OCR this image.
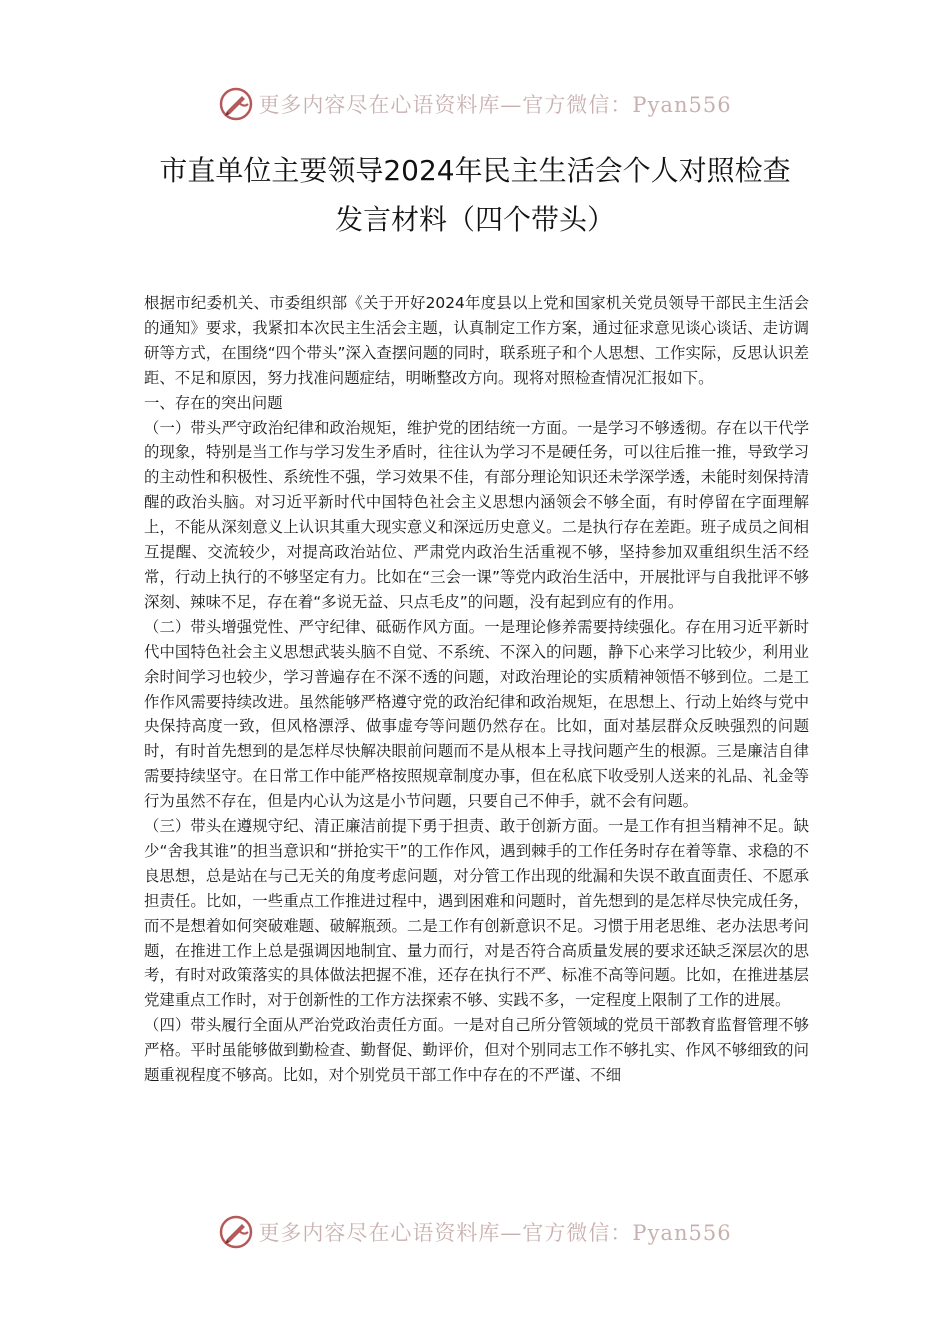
更多内容尽在心语资料库—官方微信：Pyan556
市直单位主要领导2024年民主生活会个人对照检查
发言材料（四个带头）

根据市纪委机关、市委组织部《关于开好2024年度县以上党和国家机关党员领导干部民主生活会的通知》要求，我紧扣本次民主生活会主题，认真制定工作方案，通过征求意见谈心谈话、走访调研等方式，在围绕“四个带头”深入查摆问题的同时，联系班子和个人思想、工作实际，反思认识差距、不足和原因，努力找准问题症结，明晰整改方向。现将对照检查情况汇报如下。

一、存在的突出问题

（一）带头严守政治纪律和政治规矩，维护党的团结统一方面。一是学习不够透彻。存在以干代学的现象，特别是当工作与学习发生矛盾时，往往认为学习不是硬任务，可以往后推一推，导致学习的主动性和积极性、系统性不强，学习效果不佳，有部分理论知识还未学深学透，未能时刻保持清醒的政治头脑。对习近平新时代中国特色社会主义思想内涵领会不够全面，有时停留在字面理解上，不能从深刻意义上认识其重大现实意义和深远历史意义。二是执行存在差距。班子成员之间相互提醒、交流较少，对提高政治站位、严肃党内政治生活重视不够，坚持参加双重组织生活不经常，行动上执行的不够坚定有力。比如在“三会一课”等党内政治生活中，开展批评与自我批评不够深刻、辣味不足，存在着“多说无益、只点毛皮”的问题，没有起到应有的作用。

（二）带头增强党性、严守纪律、砥砺作风方面。一是理论修养需要持续强化。存在用习近平新时代中国特色社会主义思想武装头脑不自觉、不系统、不深入的问题，静下心来学习比较少，利用业余时间学习也较少，学习普遍存在不深不透的问题，对政治理论的实质精神领悟不够到位。二是工作作风需要持续改进。虽然能够严格遵守党的政治纪律和政治规矩，在思想上、行动上始终与党中央保持高度一致，但风格漂浮、做事虚夸等问题仍然存在。比如，面对基层群众反映强烈的问题时，有时首先想到的是怎样尽快解决眼前问题而不是从根本上寻找问题产生的根源。三是廉洁自律需要持续坚守。在日常工作中能严格按照规章制度办事，但在私底下收受别人送来的礼品、礼金等行为虽然不存在，但是内心认为这是小节问题，只要自己不伸手，就不会有问题。

（三）带头在遵规守纪、清正廉洁前提下勇于担责、敢于创新方面。一是工作有担当精神不足。缺少“舍我其谁”的担当意识和“拼抢实干”的工作作风，遇到棘手的工作任务时存在着等靠、求稳的不良思想，总是站在与己无关的角度考虑问题，对分管工作出现的纰漏和失误不敢直面责任、不愿承担责任。比如，一些重点工作推进过程中，遇到困难和问题时，首先想到的是怎样尽快完成任务，而不是想着如何突破难题、破解瓶颈。二是工作有创新意识不足。习惯于用老思维、老办法思考问题，在推进工作上总是强调因地制宜、量力而行，对是否符合高质量发展的要求还缺乏深层次的思考，有时对政策落实的具体做法把握不准，还存在执行不严、标准不高等问题。比如，在推进基层党建重点工作时，对于创新性的工作方法探索不够、实践不多，一定程度上限制了工作的进展。

（四）带头履行全面从严治党政治责任方面。一是对自己所分管领域的党员干部教育监督管理不够严格。平时虽能够做到勤检查、勤督促、勤评价，但对个别同志工作不够扎实、作风不够细致的问题重视程度不够高。比如，对个别党员干部工作中存在的不严谨、不细

更多内容尽在心语资料库—官方微信：Pyan556
